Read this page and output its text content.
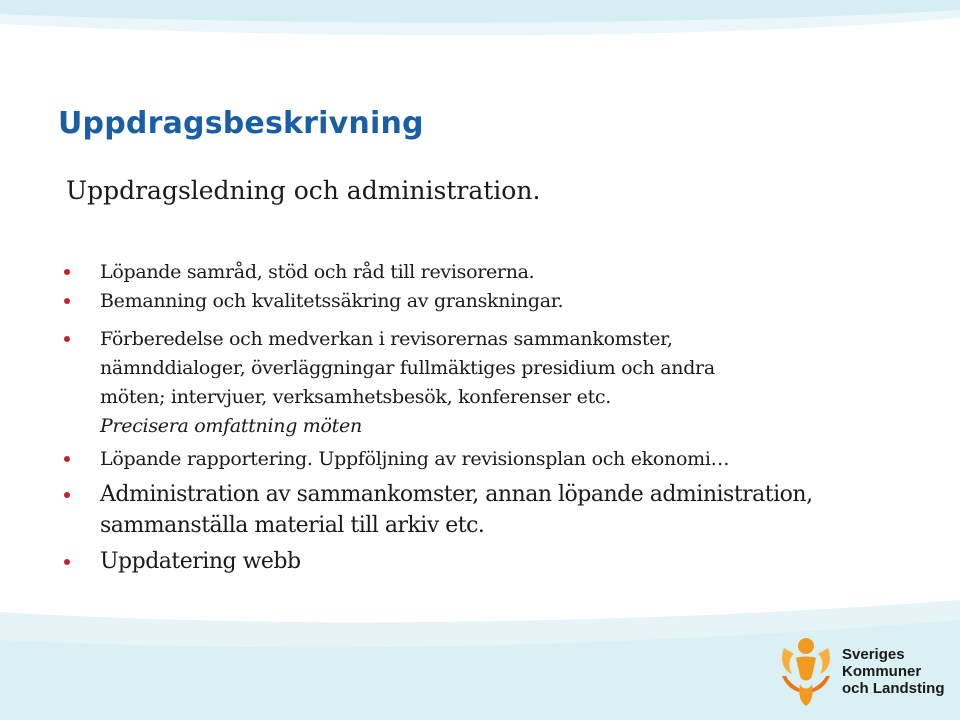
Uppdragsbeskrivning

Uppdragsledning och administration.

Löpande samråd, stöd och råd till revisorerna.
Bemanning och kvalitetssäkring av granskningar.
Förberedelse och medverkan i revisorernas sammankomster,
nämnddialoger, överläggningar fullmäktiges presidium och andra
möten; intervjuer, verksamhetsbesök, konferenser etc.
Precisera omfattning möten
Löpande rapportering. Uppföljning av revisionsplan och ekonomi…
Administration av sammankomster, annan löpande administration,
sammanställa material till arkiv etc.
Uppdatering webb
Sveriges
Kommuner
och Landsting
